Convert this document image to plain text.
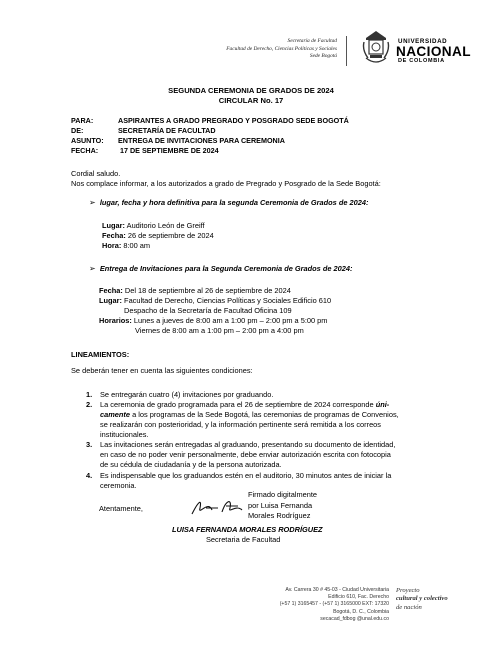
Secretaría de Facultad
Facultad de Derecho, Ciencias Políticas y Sociales
Sede Bogotá
UNIVERSIDAD
NACIONAL
DE COLOMBIA
SEGUNDA CEREMONIA DE GRADOS DE 2024
CIRCULAR No. 17
PARA:	ASPIRANTES A GRADO PREGRADO Y POSGRADO SEDE BOGOTÁ
DE:	SECRETARÍA DE FACULTAD
ASUNTO: ENTREGA DE INVITACIONES PARA CEREMONIA
FECHA:	17 DE SEPTIEMBRE DE 2024
Cordial saludo.
Nos complace informar, a los autorizados a grado de Pregrado y Posgrado de la Sede Bogotá:
➢ lugar, fecha y hora definitiva para la segunda Ceremonia de Grados de 2024:
Lugar: Auditorio León de Greiff
Fecha: 26 de septiembre de 2024
Hora: 8:00 am
➢ Entrega de Invitaciones para la Segunda Ceremonia de Grados de 2024:
Fecha: Del 18 de septiembre al 26 de septiembre de 2024
Lugar: Facultad de Derecho, Ciencias Políticas y Sociales Edificio 610
Despacho de la Secretaría de Facultad Oficina 109
Horarios: Lunes a jueves de 8:00 am a 1:00 pm – 2:00 pm a 5:00 pm
Viernes de 8:00 am a 1:00 pm – 2:00 pm a 4:00 pm
LINEAMIENTOS:
Se deberán tener en cuenta las siguientes condiciones:
1. Se entregarán cuatro (4) invitaciones por graduando.
2. La ceremonia de grado programada para el 26 de septiembre de 2024 corresponde úni-
camente a los programas de la Sede Bogotá, las ceremonias de programas de Convenios,
se realizarán con posterioridad, y la información pertinente será remitida a los correos
institucionales.
3. Las invitaciones serán entregadas al graduando, presentando su documento de identidad,
en caso de no poder venir personalmente, debe enviar autorización escrita con fotocopia
de su cédula de ciudadanía y de la persona autorizada.
4. Es indispensable que los graduandos estén en el auditorio, 30 minutos antes de iniciar la
ceremonia.
Atentamente,
Firmado digitalmente
por Luisa Fernanda
Morales Rodríguez
LUISA FERNANDA MORALES RODRÍGUEZ
Secretaria de Facultad
Av. Carrera 30 # 45-03 - Ciudad Universitaria
Edificio 610, Fac. Derecho
(+57 1) 3165457 - (+57 1) 3165000 EXT: 17320
Bogotá, D. C., Colombia
secacad_fdbog @unal.edu.co
Proyecto
cultural y colectivo
de nación
